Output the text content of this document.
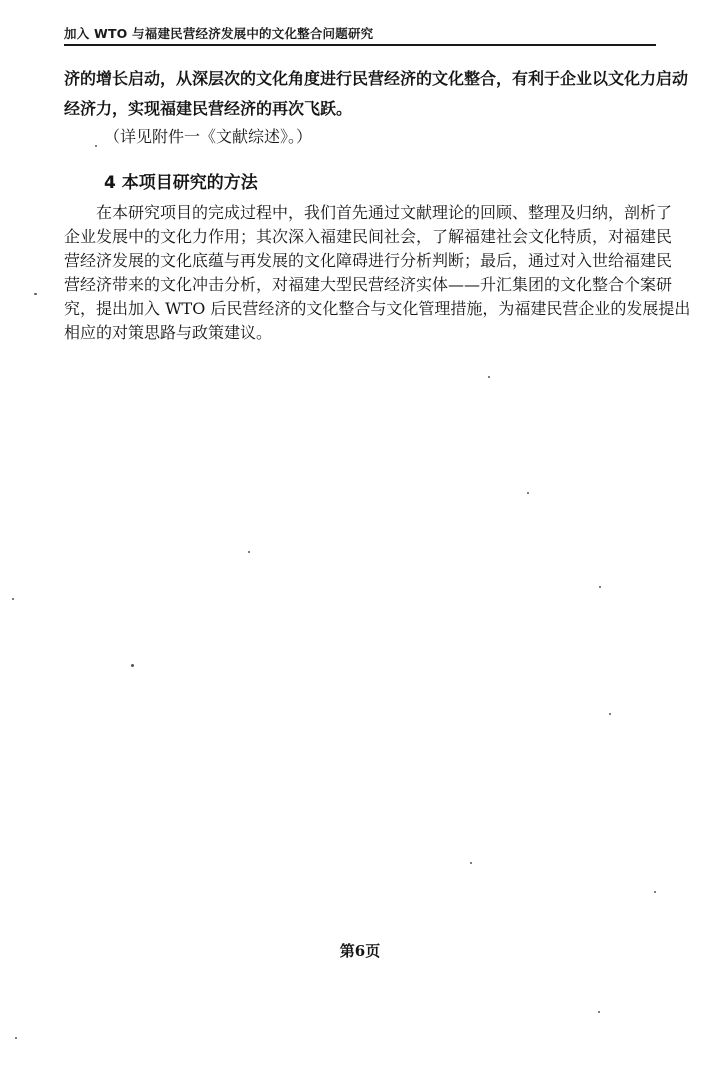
加入 WTO 与福建民营经济发展中的文化整合问题研究
济的增长启动，从深层次的文化角度进行民营经济的文化整合，有利于企业以文化力启动
经济力，实现福建民营经济的再次飞跃。
（详见附件一《文献综述》。）
4 本项目研究的方法
在本研究项目的完成过程中，我们首先通过文献理论的回顾、整理及归纳，剖析了
企业发展中的文化力作用；其次深入福建民间社会，了解福建社会文化特质，对福建民
营经济发展的文化底蕴与再发展的文化障碍进行分析判断；最后，通过对入世给福建民
营经济带来的文化冲击分析，对福建大型民营经济实体——升汇集团的文化整合个案研
究，提出加入 WTO 后民营经济的文化整合与文化管理措施，为福建民营企业的发展提出
相应的对策思路与政策建议。
第6页
